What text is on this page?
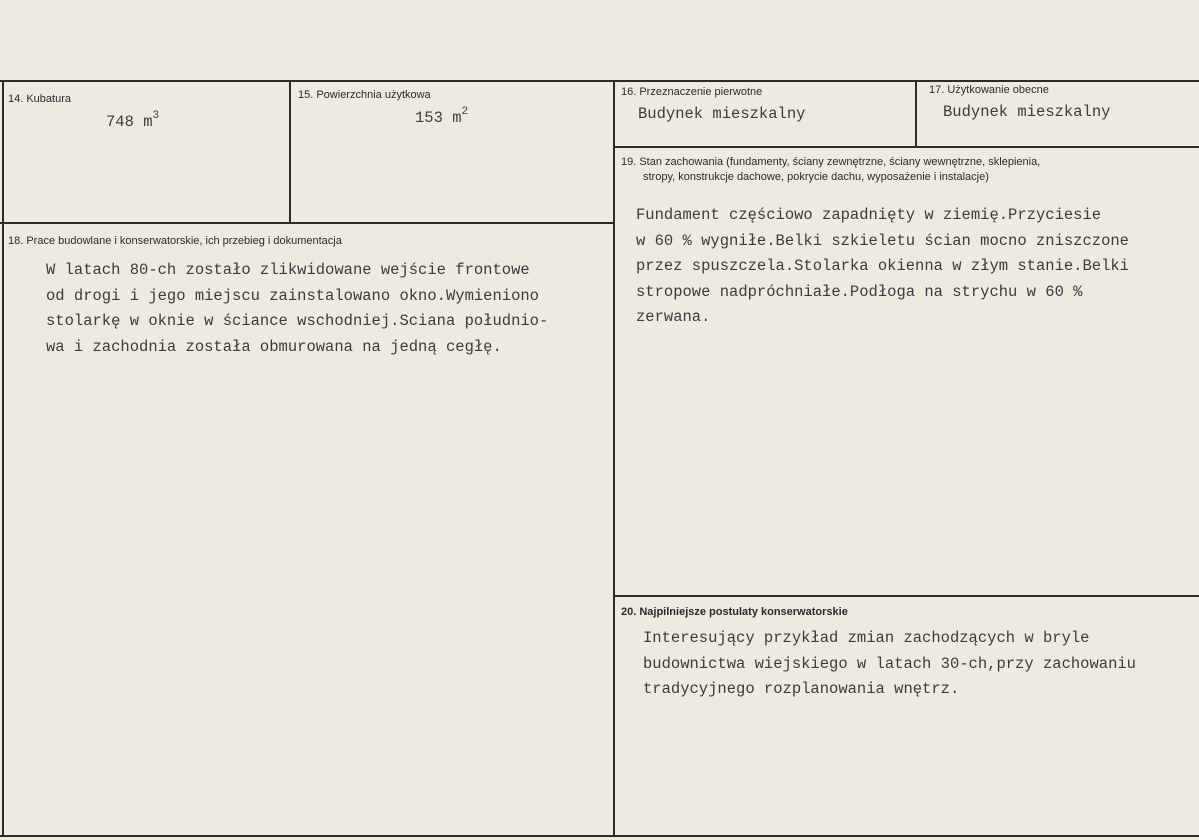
14. Kubatura
748 $m^3$
15. Powierzchnia użytkowa
153 $m^2$
16. Przeznaczenie pierwotne
Budynek mieszkalny
17. Użytkowanie obecne
Budynek mieszkalny
19. Stan zachowania (fundamenty, ściany zewnętrzne, ściany wewnętrzne, sklepienia,
stropy, konstrukcje dachowe, pokrycie dachu, wyposażenie i instalacje)
Fundament częściowo zapadnięty w ziemię.Przyciesie
w 60 % wygniłe.Belki szkieletu ścian mocno zniszczone
przez spuszczela.Stolarka okienna w złym stanie.Belki
stropowe nadpróchniałe.Podłoga na strychu w 60 %
zerwana.
18. Prace budowlane i konserwatorskie, ich przebieg i dokumentacja
W latach 80-ch zostało zlikwidowane wejście frontowe
od drogi i jego miejscu zainstalowano okno.Wymieniono
stolarkę w oknie w ściance wschodniej.Sciana południo-
wa i zachodnia została obmurowana na jedną cegłę.
20. Najpilniejsze postulaty konserwatorskie
Interesujący przykład zmian zachodzących w bryle
budownictwa wiejskiego w latach 30-ch,przy zachowaniu
tradycyjnego rozplanowania wnętrz.
